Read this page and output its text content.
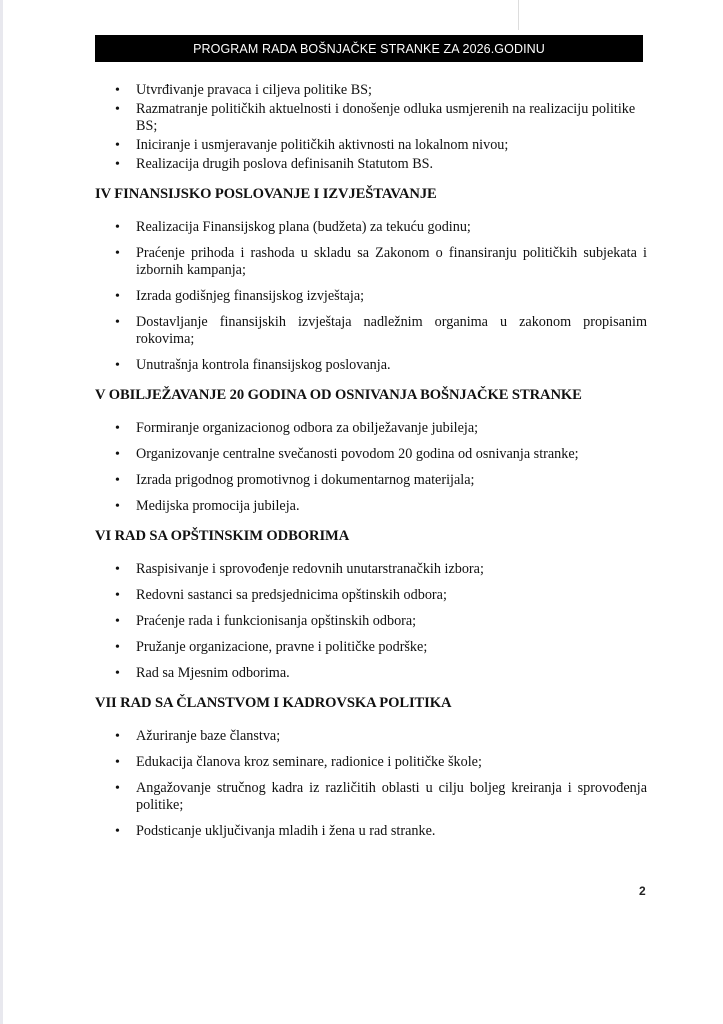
PROGRAM RADA BOŠNJAČKE STRANKE ZA 2026.GODINU
• Utvrđivanje pravaca i ciljeva politike BS;
• Razmatranje političkih aktuelnosti i donošenje odluka usmjerenih na realizaciju politike BS;
• Iniciranje i usmjeravanje političkih aktivnosti na lokalnom nivou;
• Realizacija drugih poslova definisanih Statutom BS.
IV FINANSIJSKO POSLOVANJE I IZVJEŠTAVANJE
• Realizacija Finansijskog plana (budžeta) za tekuću godinu;
• Praćenje prihoda i rashoda u skladu sa Zakonom o finansiranju političkih subjekata i izbornih kampanja;
• Izrada godišnjeg finansijskog izvještaja;
• Dostavljanje finansijskih izvještaja nadležnim organima u zakonom propisanim rokovima;
• Unutrašnja kontrola finansijskog poslovanja.
V OBILJEŽAVANJE 20 GODINA OD OSNIVANJA BOŠNJAČKE STRANKE
• Formiranje organizacionog odbora za obilježavanje jubileja;
• Organizovanje centralne svečanosti povodom 20 godina od osnivanja stranke;
• Izrada prigodnog promotivnog i dokumentarnog materijala;
• Medijska promocija jubileja.
VI RAD SA OPŠTINSKIM ODBORIMA
• Raspisivanje i sprovođenje redovnih unutarstranačkih izbora;
• Redovni sastanci sa predsjednicima opštinskih odbora;
• Praćenje rada i funkcionisanja opštinskih odbora;
• Pružanje organizacione, pravne i političke podrške;
• Rad sa Mjesnim odborima.
VII RAD SA ČLANSTVOM I KADROVSKA POLITIKA
• Ažuriranje baze članstva;
• Edukacija članova kroz seminare, radionice i političke škole;
• Angažovanje stručnog kadra iz različitih oblasti u cilju boljeg kreiranja i sprovođenja politike;
• Podsticanje uključivanja mladih i žena u rad stranke.
2
